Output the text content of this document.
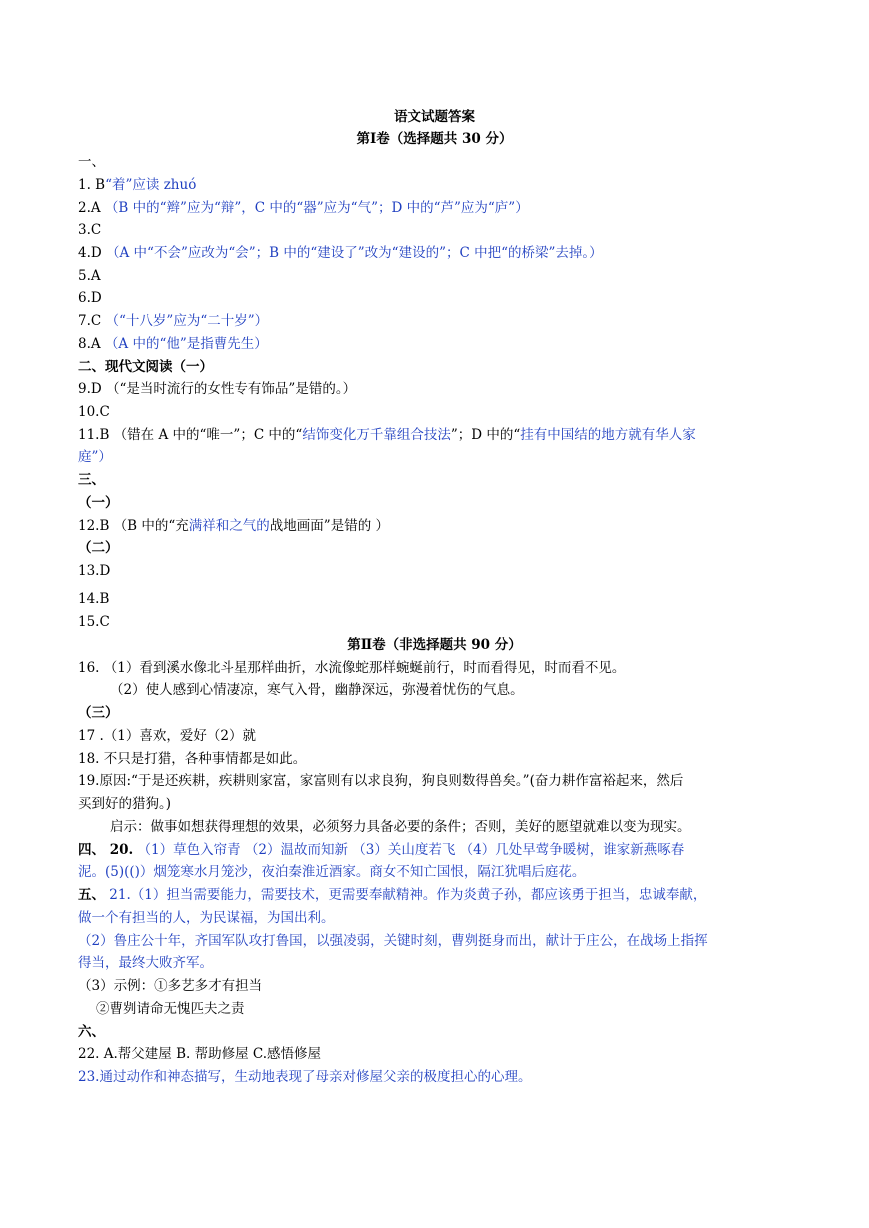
语文试题答案
第Ⅰ卷（选择题共 30 分）
一、
1. B“着”应读 zhuó
2.A （B 中的“辫”应为“辩”，C 中的“器”应为“气”；D 中的“芦”应为“庐”）
3.C
4.D （A 中“不会”应改为“会”；B 中的“建设了”改为“建设的”；C 中把“的桥梁”去掉。）
5.A
6.D
7.C （“十八岁”应为“二十岁”）
8.A （A 中的“他”是指曹先生）
二、现代文阅读（一）
9.D （“是当时流行的女性专有饰品”是错的。）
10.C
11.B （错在 A 中的“唯一”；C 中的“结饰变化万千靠组合技法”；D 中的“挂有中国结的地方就有华人家
庭”）
三、
（一）
12.B （B 中的“充满祥和之气的战地画面”是错的 ）
（二）
13.D
14.B
15.C
第Ⅱ卷（非选择题共 90 分）
16. （1）看到溪水像北斗星那样曲折，水流像蛇那样蜿蜒前行，时而看得见，时而看不见。
（2）使人感到心情凄凉，寒气入骨，幽静深远，弥漫着忧伤的气息。
（三）
17 .（1）喜欢，爱好（2）就
18. 不只是打猎，各种事情都是如此。
19.原因:“于是还疾耕，疾耕则家富，家富则有以求良狗，狗良则数得兽矣。”(奋力耕作富裕起来，然后
买到好的猎狗。)
启示：做事如想获得理想的效果，必须努力具备必要的条件；否则，美好的愿望就难以变为现实。
四、 20. （1）草色入帘青 （2）温故而知新 （3）关山度若飞 （4）几处早莺争暖树，谁家新燕啄春
泥。(5)(()）烟笼寒水月笼沙，夜泊秦淮近酒家。商女不知亡国恨，隔江犹唱后庭花。
五、 21.（1）担当需要能力，需要技术，更需要奉献精神。作为炎黄子孙，都应该勇于担当，忠诚奉献，
做一个有担当的人，为民谋福，为国出利。
（2）鲁庄公十年，齐国军队攻打鲁国，以强凌弱，关键时刻，曹刿挺身而出，献计于庄公，在战场上指挥
得当，最终大败齐军。
（3）示例：①多艺多才有担当
②曹刿请命无愧匹夫之责
六、
22. A.帮父建屋 B. 帮助修屋 C.感悟修屋
23.通过动作和神态描写，生动地表现了母亲对修屋父亲的极度担心的心理。
